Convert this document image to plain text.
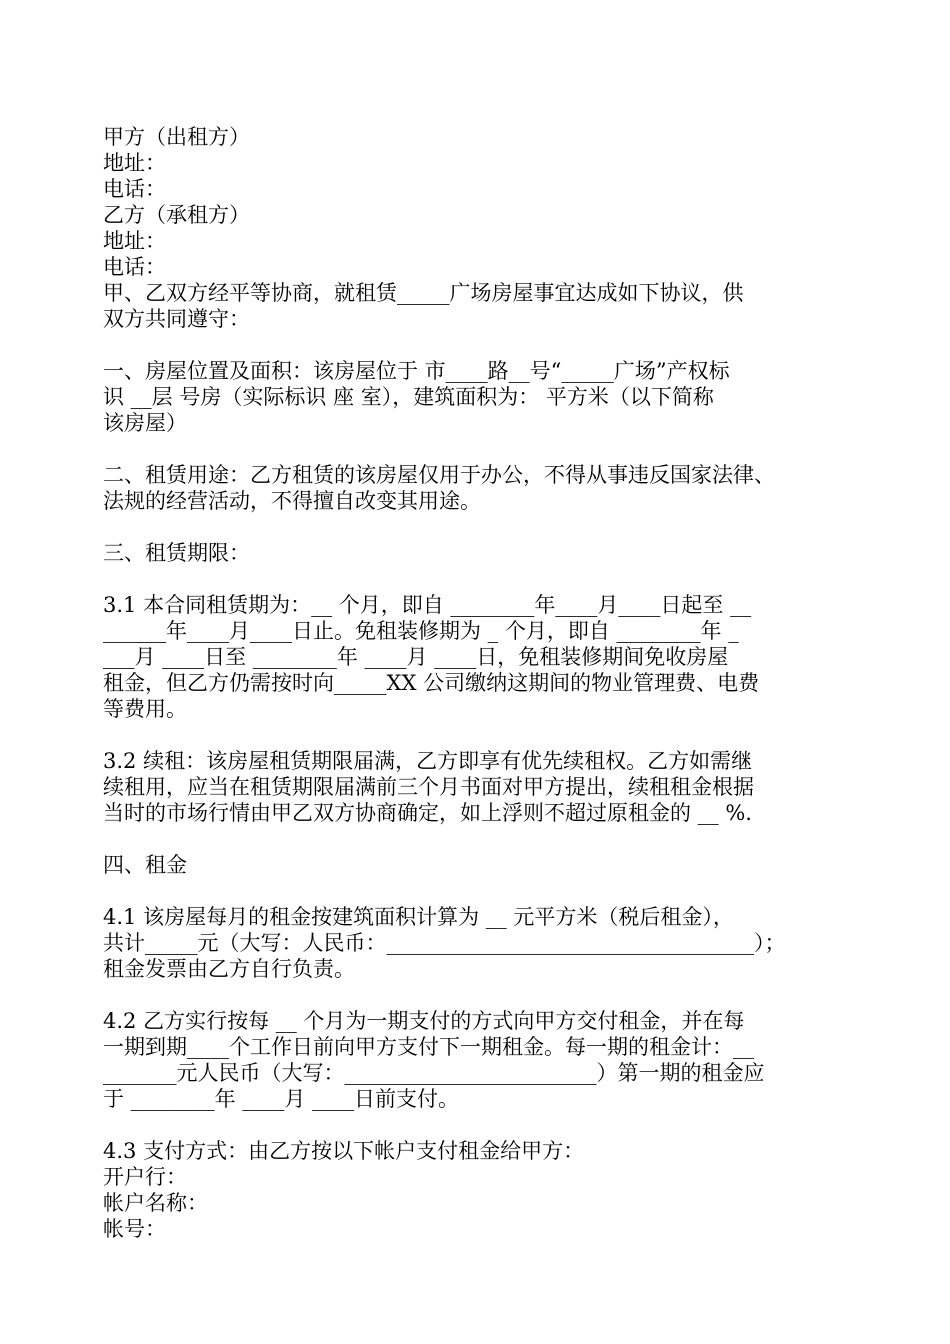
甲方（出租方）
地址：
电话：
乙方（承租方）
地址：
电话：
甲、乙双方经平等协商，就租赁_____广场房屋事宜达成如下协议，供
双方共同遵守：
一、房屋位置及面积：该房屋位于 市____路__号“_____广场”产权标
识 __层 号房（实际标识 座 室），建筑面积为： 平方米（以下简称
该房屋）
二、租赁用途：乙方租赁的该房屋仅用于办公，不得从事违反国家法律、
法规的经营活动，不得擅自改变其用途。
三、租赁期限：
3.1 本合同租赁期为：__ 个月，即自 ________年____月____日起至 __
______年____月____日止。免租装修期为 _ 个月，即自 ________年 _
___月 ____日至 ________年 ____月 ____日，免租装修期间免收房屋
租金，但乙方仍需按时向_____XX 公司缴纳这期间的物业管理费、电费
等费用。
3.2 续租：该房屋租赁期限届满，乙方即享有优先续租权。乙方如需继
续租用，应当在租赁期限届满前三个月书面对甲方提出，续租租金根据
当时的市场行情由甲乙双方协商确定，如上浮则不超过原租金的 __ %.
四、租金
4.1 该房屋每月的租金按建筑面积计算为 __ 元平方米（税后租金），
共计_____元（大写：人民币：___________________________________）；
租金发票由乙方自行负责。
4.2 乙方实行按每 __ 个月为一期支付的方式向甲方交付租金，并在每
一期到期____个工作日前向甲方支付下一期租金。每一期的租金计：__
_______元人民币（大写：________________________）第一期的租金应
于 ________年 ____月 ____日前支付。
4.3 支付方式：由乙方按以下帐户支付租金给甲方：
开户行：
帐户名称：
帐号：
